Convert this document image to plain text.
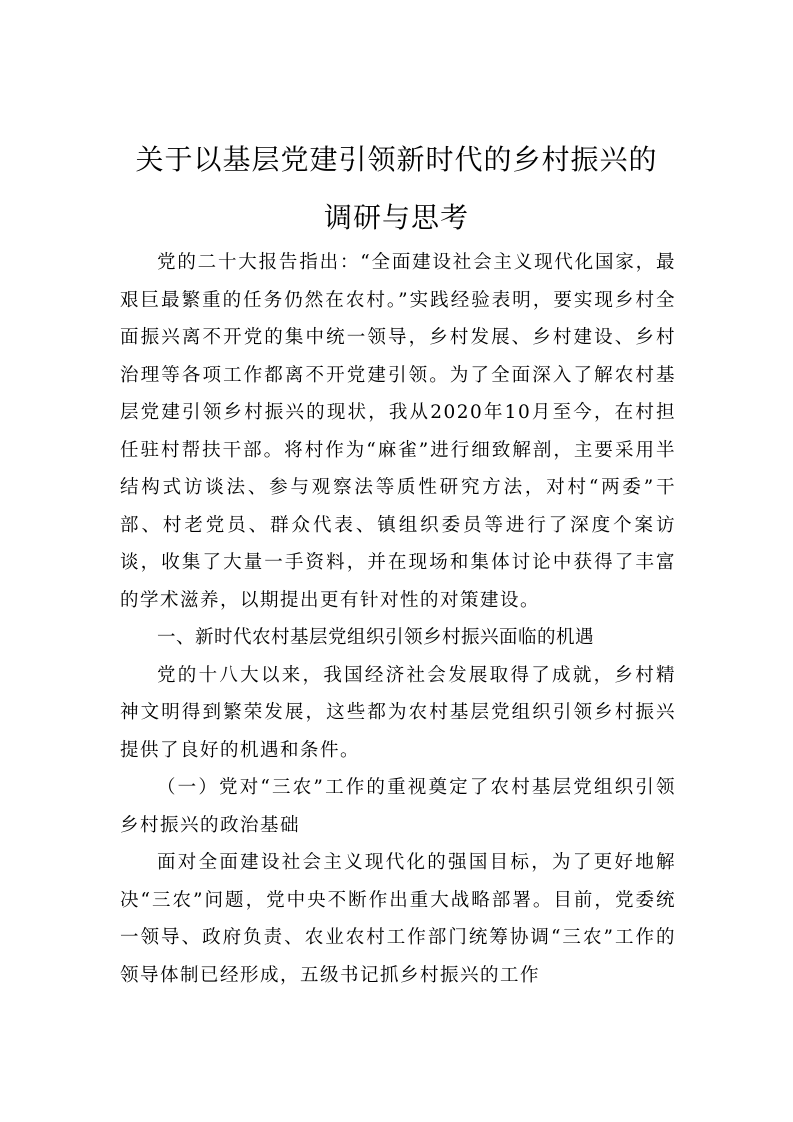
关于以基层党建引领新时代的乡村振兴的
调研与思考

党的二十大报告指出：“全面建设社会主义现代化国家，最艰巨最繁重的任务仍然在农村。”实践经验表明，要实现乡村全面振兴离不开党的集中统一领导，乡村发展、乡村建设、乡村治理等各项工作都离不开党建引领。为了全面深入了解农村基层党建引领乡村振兴的现状，我从2020年10月至今，在村担任驻村帮扶干部。将村作为“麻雀”进行细致解剖，主要采用半结构式访谈法、参与观察法等质性研究方法，对村“两委”干部、村老党员、群众代表、镇组织委员等进行了深度个案访谈，收集了大量一手资料，并在现场和集体讨论中获得了丰富的学术滋养，以期提出更有针对性的对策建设。

一、新时代农村基层党组织引领乡村振兴面临的机遇

党的十八大以来，我国经济社会发展取得了成就，乡村精神文明得到繁荣发展，这些都为农村基层党组织引领乡村振兴提供了良好的机遇和条件。

（一）党对“三农”工作的重视奠定了农村基层党组织引领乡村振兴的政治基础

面对全面建设社会主义现代化的强国目标，为了更好地解决“三农”问题，党中央不断作出重大战略部署。目前，党委统一领导、政府负责、农业农村工作部门统筹协调“三农”工作的领导体制已经形成，五级书记抓乡村振兴的工作
